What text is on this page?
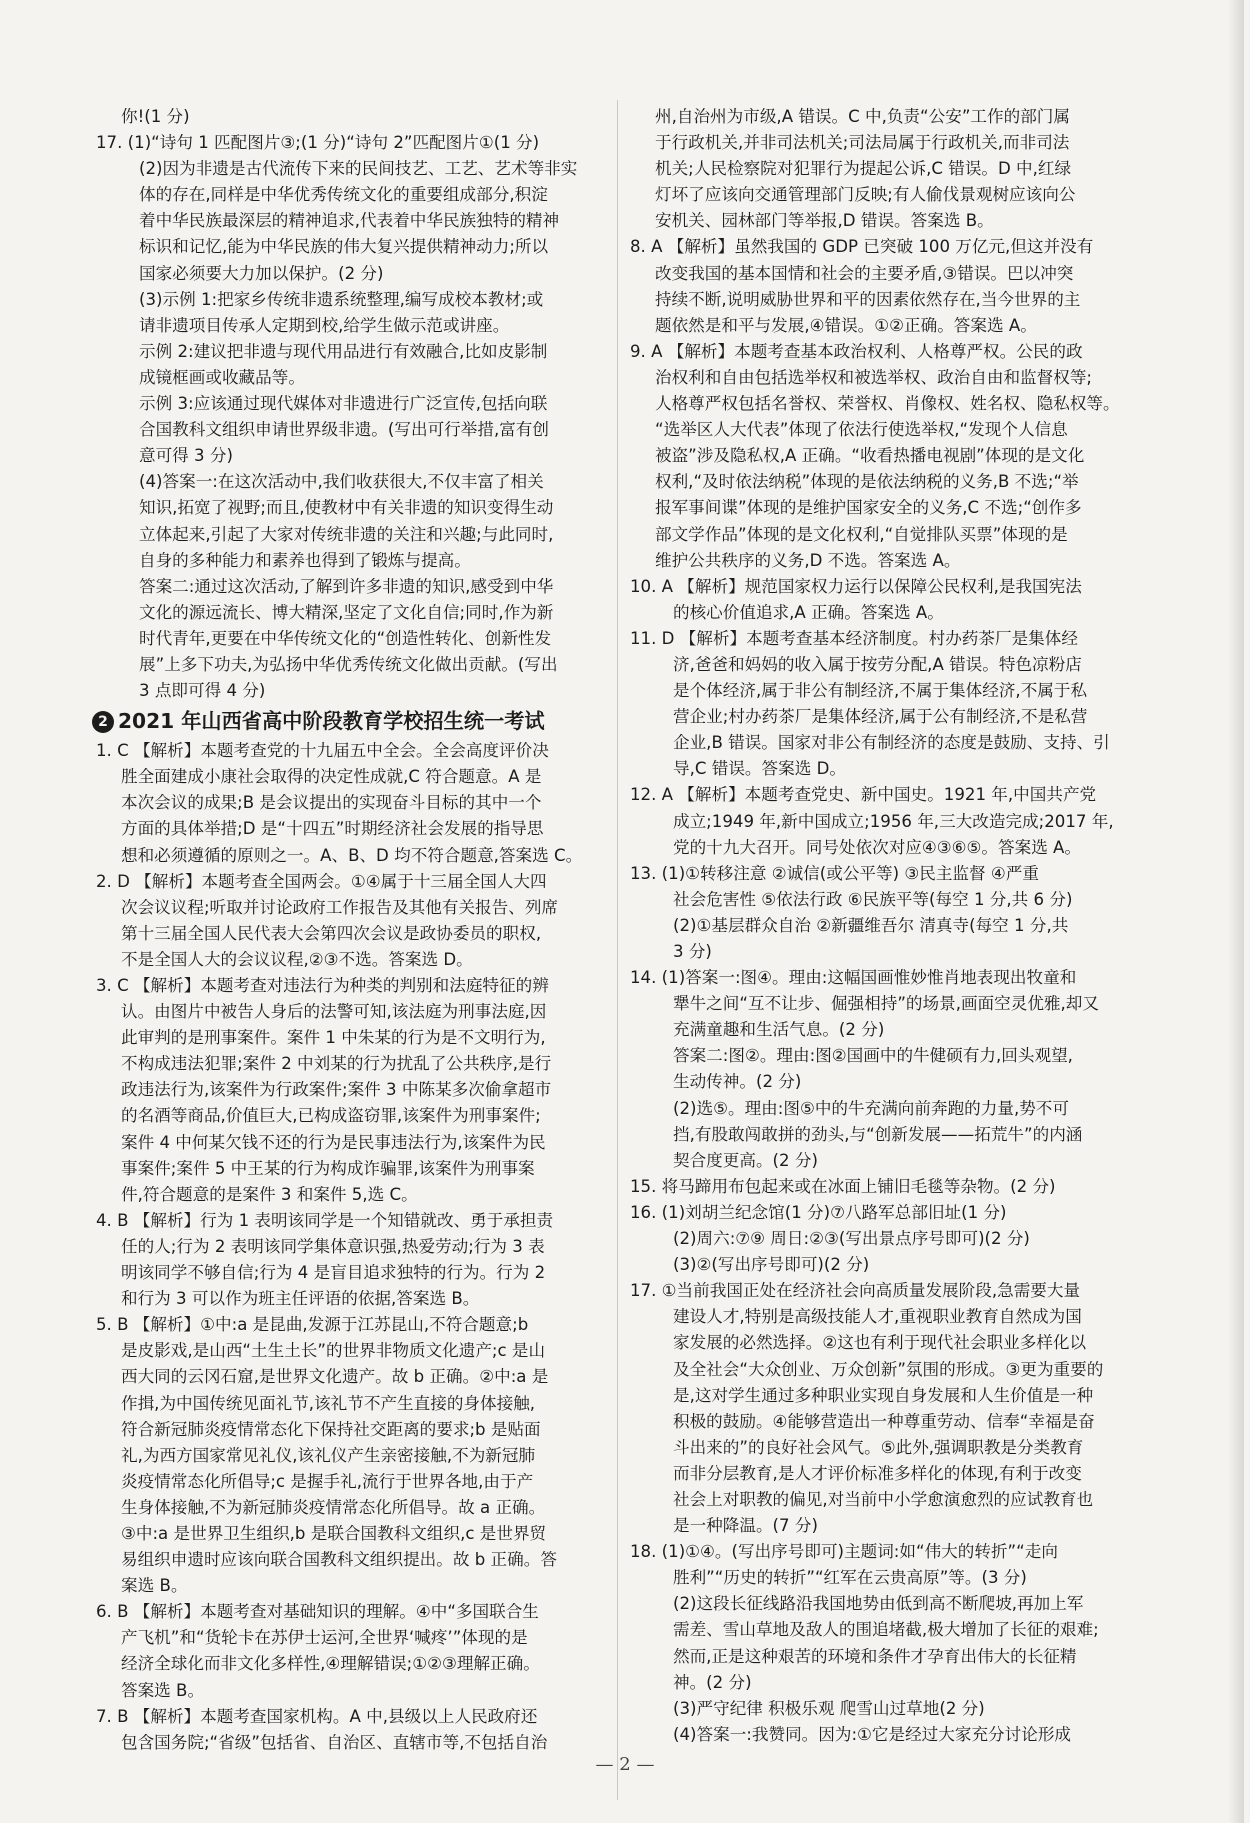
你!(1 分)
17. (1)“诗句 1 匹配图片③;(1 分)“诗句 2”匹配图片①(1 分)
(2)因为非遗是古代流传下来的民间技艺、工艺、艺术等非实
体的存在,同样是中华优秀传统文化的重要组成部分,积淀
着中华民族最深层的精神追求,代表着中华民族独特的精神
标识和记忆,能为中华民族的伟大复兴提供精神动力;所以
国家必须要大力加以保护。(2 分)
(3)示例 1:把家乡传统非遗系统整理,编写成校本教材;或
请非遗项目传承人定期到校,给学生做示范或讲座。
示例 2:建议把非遗与现代用品进行有效融合,比如皮影制
成镜框画或收藏品等。
示例 3:应该通过现代媒体对非遗进行广泛宣传,包括向联
合国教科文组织申请世界级非遗。(写出可行举措,富有创
意可得 3 分)
(4)答案一:在这次活动中,我们收获很大,不仅丰富了相关
知识,拓宽了视野;而且,使教材中有关非遗的知识变得生动
立体起来,引起了大家对传统非遗的关注和兴趣;与此同时,
自身的多种能力和素养也得到了锻炼与提高。
答案二:通过这次活动,了解到许多非遗的知识,感受到中华
文化的源远流长、博大精深,坚定了文化自信;同时,作为新
时代青年,更要在中华传统文化的“创造性转化、创新性发
展”上多下功夫,为弘扬中华优秀传统文化做出贡献。(写出
3 点即可得 4 分)
2 2021 年山西省高中阶段教育学校招生统一考试
1. C 【解析】本题考查党的十九届五中全会。全会高度评价决
胜全面建成小康社会取得的决定性成就,C 符合题意。A 是
本次会议的成果;B 是会议提出的实现奋斗目标的其中一个
方面的具体举措;D 是“十四五”时期经济社会发展的指导思
想和必须遵循的原则之一。A、B、D 均不符合题意,答案选 C。
2. D 【解析】本题考查全国两会。①④属于十三届全国人大四
次会议议程;听取并讨论政府工作报告及其他有关报告、列席
第十三届全国人民代表大会第四次会议是政协委员的职权,
不是全国人大的会议议程,②③不选。答案选 D。
3. C 【解析】本题考查对违法行为种类的判别和法庭特征的辨
认。由图片中被告人身后的法警可知,该法庭为刑事法庭,因
此审判的是刑事案件。案件 1 中朱某的行为是不文明行为,
不构成违法犯罪;案件 2 中刘某的行为扰乱了公共秩序,是行
政违法行为,该案件为行政案件;案件 3 中陈某多次偷拿超市
的名酒等商品,价值巨大,已构成盗窃罪,该案件为刑事案件;
案件 4 中何某欠钱不还的行为是民事违法行为,该案件为民
事案件;案件 5 中王某的行为构成诈骗罪,该案件为刑事案
件,符合题意的是案件 3 和案件 5,选 C。
4. B 【解析】行为 1 表明该同学是一个知错就改、勇于承担责
任的人;行为 2 表明该同学集体意识强,热爱劳动;行为 3 表
明该同学不够自信;行为 4 是盲目追求独特的行为。行为 2
和行为 3 可以作为班主任评语的依据,答案选 B。
5. B 【解析】①中:a 是昆曲,发源于江苏昆山,不符合题意;b
是皮影戏,是山西“土生土长”的世界非物质文化遗产;c 是山
西大同的云冈石窟,是世界文化遗产。故 b 正确。②中:a 是
作揖,为中国传统见面礼节,该礼节不产生直接的身体接触,
符合新冠肺炎疫情常态化下保持社交距离的要求;b 是贴面
礼,为西方国家常见礼仪,该礼仪产生亲密接触,不为新冠肺
炎疫情常态化所倡导;c 是握手礼,流行于世界各地,由于产
生身体接触,不为新冠肺炎疫情常态化所倡导。故 a 正确。
③中:a 是世界卫生组织,b 是联合国教科文组织,c 是世界贸
易组织申遗时应该向联合国教科文组织提出。故 b 正确。答
案选 B。
6. B 【解析】本题考查对基础知识的理解。④中“多国联合生
产飞机”和“货轮卡在苏伊士运河,全世界‘喊疼’”体现的是
经济全球化而非文化多样性,④理解错误;①②③理解正确。
答案选 B。
7. B 【解析】本题考查国家机构。A 中,县级以上人民政府还
包含国务院;“省级”包括省、自治区、直辖市等,不包括自治
州,自治州为市级,A 错误。C 中,负责“公安”工作的部门属
于行政机关,并非司法机关;司法局属于行政机关,而非司法
机关;人民检察院对犯罪行为提起公诉,C 错误。D 中,红绿
灯坏了应该向交通管理部门反映;有人偷伐景观树应该向公
安机关、园林部门等举报,D 错误。答案选 B。
8. A 【解析】虽然我国的 GDP 已突破 100 万亿元,但这并没有
改变我国的基本国情和社会的主要矛盾,③错误。巴以冲突
持续不断,说明威胁世界和平的因素依然存在,当今世界的主
题依然是和平与发展,④错误。①②正确。答案选 A。
9. A 【解析】本题考查基本政治权利、人格尊严权。公民的政
治权利和自由包括选举权和被选举权、政治自由和监督权等;
人格尊严权包括名誉权、荣誉权、肖像权、姓名权、隐私权等。
“选举区人大代表”体现了依法行使选举权,“发现个人信息
被盗”涉及隐私权,A 正确。“收看热播电视剧”体现的是文化
权利,“及时依法纳税”体现的是依法纳税的义务,B 不选;“举
报军事间谍”体现的是维护国家安全的义务,C 不选;“创作多
部文学作品”体现的是文化权利,“自觉排队买票”体现的是
维护公共秩序的义务,D 不选。答案选 A。
10. A 【解析】规范国家权力运行以保障公民权利,是我国宪法
的核心价值追求,A 正确。答案选 A。
11. D 【解析】本题考查基本经济制度。村办药茶厂是集体经
济,爸爸和妈妈的收入属于按劳分配,A 错误。特色凉粉店
是个体经济,属于非公有制经济,不属于集体经济,不属于私
营企业;村办药茶厂是集体经济,属于公有制经济,不是私营
企业,B 错误。国家对非公有制经济的态度是鼓励、支持、引
导,C 错误。答案选 D。
12. A 【解析】本题考查党史、新中国史。1921 年,中国共产党
成立;1949 年,新中国成立;1956 年,三大改造完成;2017 年,
党的十九大召开。同号处依次对应④③⑥⑤。答案选 A。
13. (1)①转移注意 ②诚信(或公平等) ③民主监督 ④严重
社会危害性 ⑤依法行政 ⑥民族平等(每空 1 分,共 6 分)
(2)①基层群众自治 ②新疆维吾尔 清真寺(每空 1 分,共
3 分)
14. (1)答案一:图④。理由:这幅国画惟妙惟肖地表现出牧童和
犟牛之间“互不让步、倔强相持”的场景,画面空灵优雅,却又
充满童趣和生活气息。(2 分)
答案二:图②。理由:图②国画中的牛健硕有力,回头观望,
生动传神。(2 分)
(2)选⑤。理由:图⑤中的牛充满向前奔跑的力量,势不可
挡,有股敢闯敢拼的劲头,与“创新发展——拓荒牛”的内涵
契合度更高。(2 分)
15. 将马蹄用布包起来或在冰面上铺旧毛毯等杂物。(2 分)
16. (1)刘胡兰纪念馆(1 分)⑦八路军总部旧址(1 分)
(2)周六:⑦⑨ 周日:②③(写出景点序号即可)(2 分)
(3)②(写出序号即可)(2 分)
17. ①当前我国正处在经济社会向高质量发展阶段,急需要大量
建设人才,特别是高级技能人才,重视职业教育自然成为国
家发展的必然选择。②这也有利于现代社会职业多样化以
及全社会“大众创业、万众创新”氛围的形成。③更为重要的
是,这对学生通过多种职业实现自身发展和人生价值是一种
积极的鼓励。④能够营造出一种尊重劳动、信奉“幸福是奋
斗出来的”的良好社会风气。⑤此外,强调职教是分类教育
而非分层教育,是人才评价标准多样化的体现,有利于改变
社会上对职教的偏见,对当前中小学愈演愈烈的应试教育也
是一种降温。(7 分)
18. (1)①④。(写出序号即可)主题词:如“伟大的转折”“走向
胜利”“历史的转折”“红军在云贵高原”等。(3 分)
(2)这段长征线路沿我国地势由低到高不断爬坡,再加上军
需差、雪山草地及敌人的围追堵截,极大增加了长征的艰难;
然而,正是这种艰苦的环境和条件才孕育出伟大的长征精
神。(2 分)
(3)严守纪律 积极乐观 爬雪山过草地(2 分)
(4)答案一:我赞同。因为:①它是经过大家充分讨论形成
— 2 —
